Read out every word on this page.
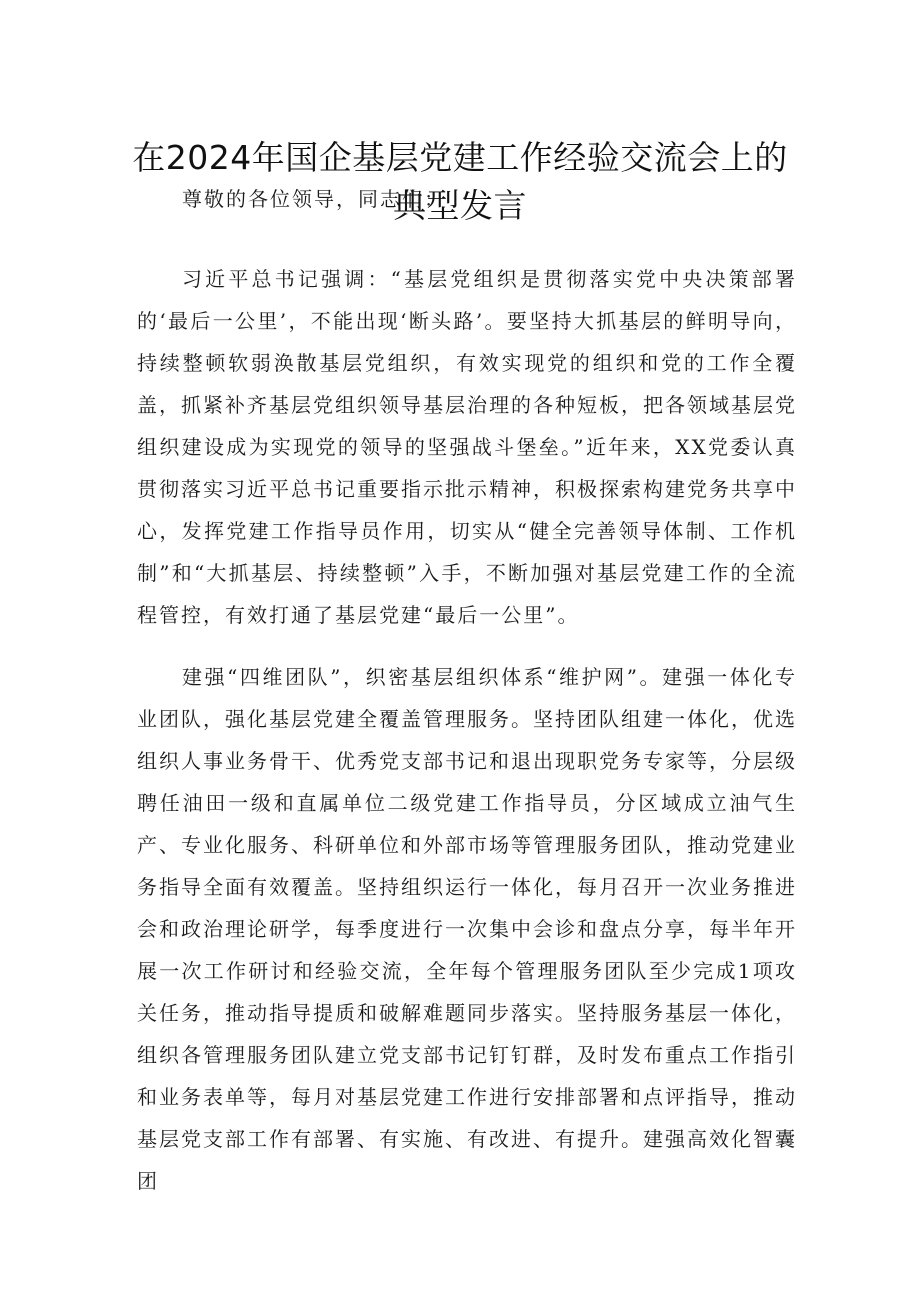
在2024年国企基层党建工作经验交流会上的
典型发言
尊敬的各位领导，同志们：

习近平总书记强调：“基层党组织是贯彻落实党中央决策部署的‘最后一公里’，不能出现‘断头路’。要坚持大抓基层的鲜明导向，持续整顿软弱涣散基层党组织，有效实现党的组织和党的工作全覆盖，抓紧补齐基层党组织领导基层治理的各种短板，把各领域基层党组织建设成为实现党的领导的坚强战斗堡垒。”近年来，XX党委认真贯彻落实习近平总书记重要指示批示精神，积极探索构建党务共享中心，发挥党建工作指导员作用，切实从“健全完善领导体制、工作机制”和“大抓基层、持续整顿”入手，不断加强对基层党建工作的全流程管控，有效打通了基层党建“最后一公里”。

建强“四维团队”，织密基层组织体系“维护网”。建强一体化专业团队，强化基层党建全覆盖管理服务。坚持团队组建一体化，优选组织人事业务骨干、优秀党支部书记和退出现职党务专家等，分层级聘任油田一级和直属单位二级党建工作指导员，分区域成立油气生产、专业化服务、科研单位和外部市场等管理服务团队，推动党建业务指导全面有效覆盖。坚持组织运行一体化，每月召开一次业务推进会和政治理论研学，每季度进行一次集中会诊和盘点分享，每半年开展一次工作研讨和经验交流，全年每个管理服务团队至少完成1项攻关任务，推动指导提质和破解难题同步落实。坚持服务基层一体化，组织各管理服务团队建立党支部书记钉钉群，及时发布重点工作指引和业务表单等，每月对基层党建工作进行安排部署和点评指导，推动基层党支部工作有部署、有实施、有改进、有提升。建强高效化智囊团
